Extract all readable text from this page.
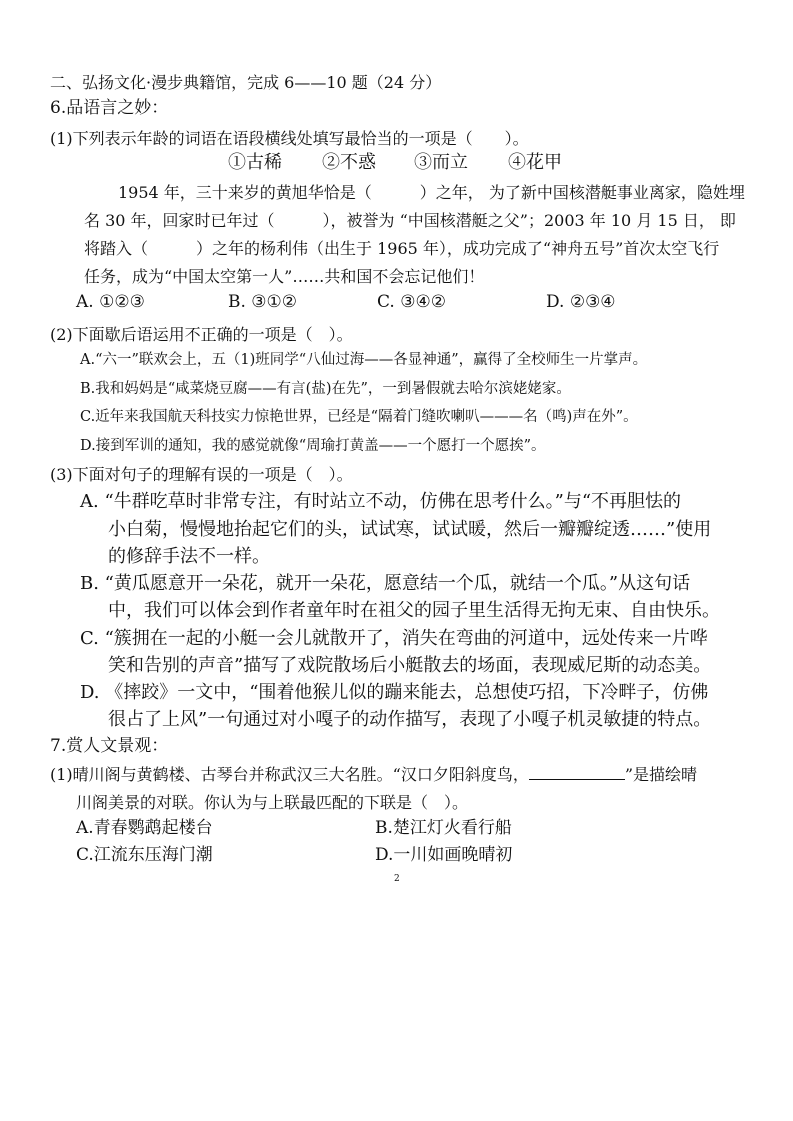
二、弘扬文化·漫步典籍馆，完成 6——10 题（24 分）
6.品语言之妙：
(1)下列表示年龄的词语在语段横线处填写最恰当的一项是（　　）。
①古稀 ②不惑 ③而立 ④花甲
1954 年，三十来岁的黄旭华恰是（　　　）之年， 为了新中国核潜艇事业离家，隐姓埋
名 30 年，回家时已年过（　　　），被誉为 “中国核潜艇之父”；2003 年 10 月 15 日， 即
将踏入（　　　）之年的杨利伟（出生于 1965 年），成功完成了“神舟五号”首次太空飞行
任务，成为“中国太空第一人”……共和国不会忘记他们！
A. ①②③	B. ③①②	C. ③④②	D. ②③④
(2)下面歇后语运用不正确的一项是（　）。
A.“六一”联欢会上，五（1)班同学“八仙过海——各显神通”，赢得了全校师生一片掌声。
B.我和妈妈是“咸菜烧豆腐——有言(盐)在先”，一到暑假就去哈尔滨姥姥家。
C.近年来我国航天科技实力惊艳世界，已经是“隔着门缝吹喇叭———名（鸣)声在外”。
D.接到军训的通知，我的感觉就像“周瑜打黄盖——一个愿打一个愿挨”。
(3)下面对句子的理解有误的一项是（　）。
A. “牛群吃草时非常专注，有时站立不动，仿佛在思考什么。”与“不再胆怯的
小白菊，慢慢地抬起它们的头，试试寒，试试暖，然后一瓣瓣绽透……”使用
的修辞手法不一样。
B. “黄瓜愿意开一朵花，就开一朵花，愿意结一个瓜，就结一个瓜。”从这句话
中，我们可以体会到作者童年时在祖父的园子里生活得无拘无束、自由快乐。
C. “簇拥在一起的小艇一会儿就散开了，消失在弯曲的河道中，远处传来一片哗
笑和告别的声音”描写了戏院散场后小艇散去的场面，表现威尼斯的动态美。
D. 《摔跤》一文中，“围着他猴儿似的蹦来能去，总想使巧招，下冷畔子，仿佛
很占了上风”一句通过对小嘎子的动作描写，表现了小嘎子机灵敏捷的特点。
7.赏人文景观：
(1)晴川阁与黄鹤楼、古琴台并称武汉三大名胜。“汉口夕阳斜度鸟，	”是描绘晴
川阁美景的对联。你认为与上联最匹配的下联是（　）。
A.青春鹦鹉起楼台	B.楚江灯火看行船
C.江流东压海门潮	D.一川如画晚晴初
2
